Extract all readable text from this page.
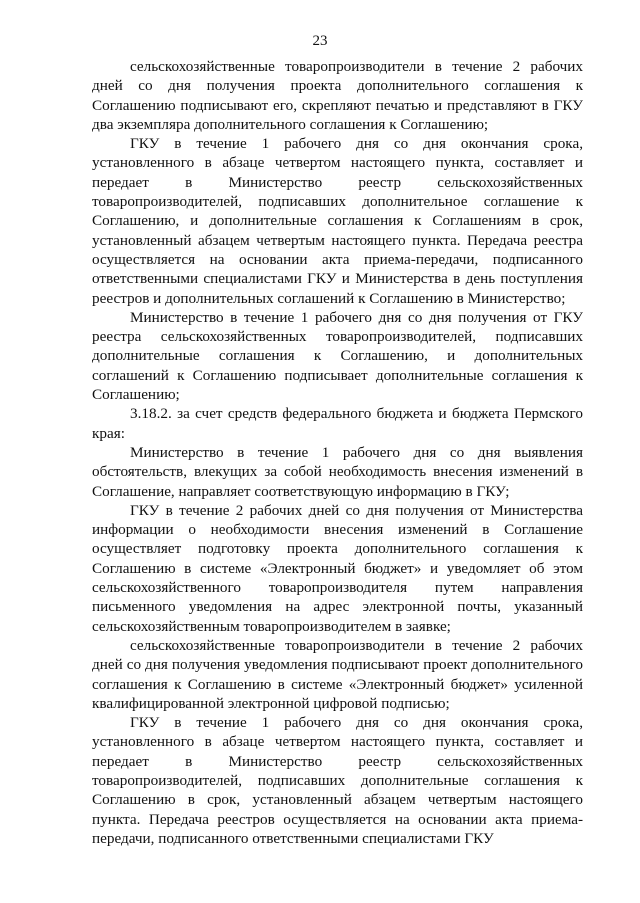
23

сельскохозяйственные товаропроизводители в течение 2 рабочих дней со дня получения проекта дополнительного соглашения к Соглашению подписывают его, скрепляют печатью и представляют в ГКУ два экземпляра дополнительного соглашения к Соглашению;

ГКУ в течение 1 рабочего дня со дня окончания срока, установленного в абзаце четвертом настоящего пункта, составляет и передает в Министерство реестр сельскохозяйственных товаропроизводителей, подписавших дополнительное соглашение к Соглашению, и дополнительные соглашения к Соглашениям в срок, установленный абзацем четвертым настоящего пункта. Передача реестра осуществляется на основании акта приема-передачи, подписанного ответственными специалистами ГКУ и Министерства в день поступления реестров и дополнительных соглашений к Соглашению в Министерство;

Министерство в течение 1 рабочего дня со дня получения от ГКУ реестра сельскохозяйственных товаропроизводителей, подписавших дополнительные соглашения к Соглашению, и дополнительных соглашений к Соглашению подписывает дополнительные соглашения к Соглашению;

3.18.2. за счет средств федерального бюджета и бюджета Пермского края:

Министерство в течение 1 рабочего дня со дня выявления обстоятельств, влекущих за собой необходимость внесения изменений в Соглашение, направляет соответствующую информацию в ГКУ;

ГКУ в течение 2 рабочих дней со дня получения от Министерства информации о необходимости внесения изменений в Соглашение осуществляет подготовку проекта дополнительного соглашения к Соглашению в системе «Электронный бюджет» и уведомляет об этом сельскохозяйственного товаропроизводителя путем направления письменного уведомления на адрес электронной почты, указанный сельскохозяйственным товаропроизводителем в заявке;

сельскохозяйственные товаропроизводители в течение 2 рабочих дней со дня получения уведомления подписывают проект дополнительного соглашения к Соглашению в системе «Электронный бюджет» усиленной квалифицированной электронной цифровой подписью;

ГКУ в течение 1 рабочего дня со дня окончания срока, установленного в абзаце четвертом настоящего пункта, составляет и передает в Министерство реестр сельскохозяйственных товаропроизводителей, подписавших дополнительные соглашения к Соглашению в срок, установленный абзацем четвертым настоящего пункта. Передача реестров осуществляется на основании акта приема-передачи, подписанного ответственными специалистами ГКУ
